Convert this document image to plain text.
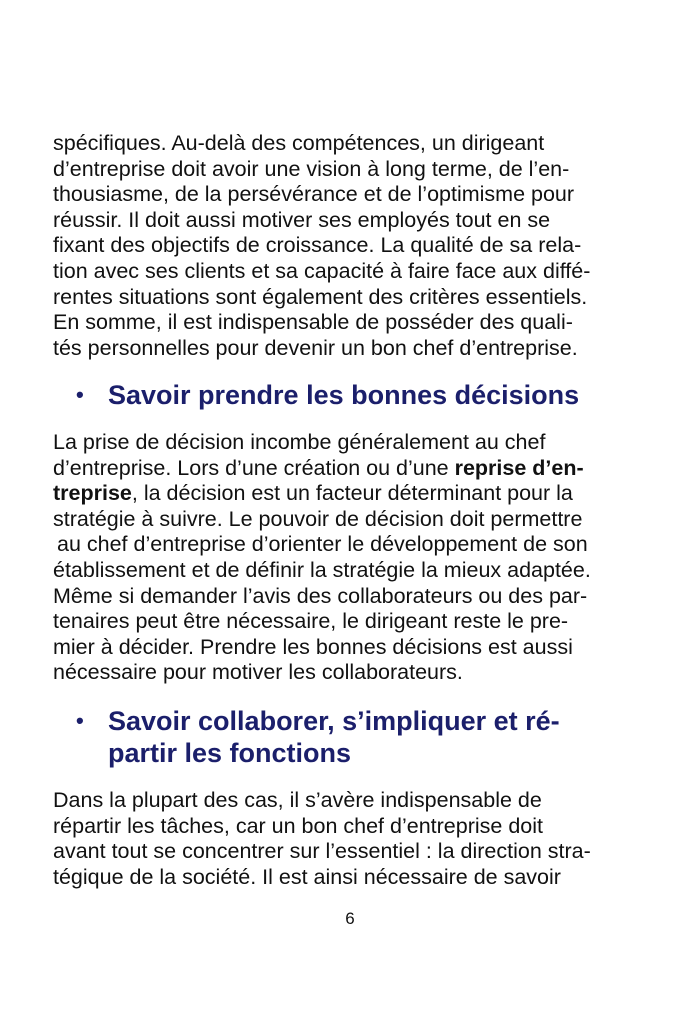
spécifiques. Au-delà des compétences, un dirigeant
d’entreprise doit avoir une vision à long terme, de l’en-
thousiasme, de la persévérance et de l’optimisme pour
réussir. Il doit aussi motiver ses employés tout en se
fixant des objectifs de croissance. La qualité de sa rela-
tion avec ses clients et sa capacité à faire face aux diffé-
rentes situations sont également des critères essentiels.
En somme, il est indispensable de posséder des quali-
tés personnelles pour devenir un bon chef d’entreprise.
• Savoir prendre les bonnes décisions
La prise de décision incombe généralement au chef
d’entreprise. Lors d’une création ou d’une reprise d’en-
treprise, la décision est un facteur déterminant pour la
stratégie à suivre. Le pouvoir de décision doit permettre
au chef d’entreprise d’orienter le développement de son
établissement et de définir la stratégie la mieux adaptée.
Même si demander l’avis des collaborateurs ou des par-
tenaires peut être nécessaire, le dirigeant reste le pre-
mier à décider. Prendre les bonnes décisions est aussi
nécessaire pour motiver les collaborateurs.
• Savoir collaborer, s’impliquer et ré-
partir les fonctions
Dans la plupart des cas, il s’avère indispensable de
répartir les tâches, car un bon chef d’entreprise doit
avant tout se concentrer sur l’essentiel : la direction stra-
tégique de la société. Il est ainsi nécessaire de savoir

6
